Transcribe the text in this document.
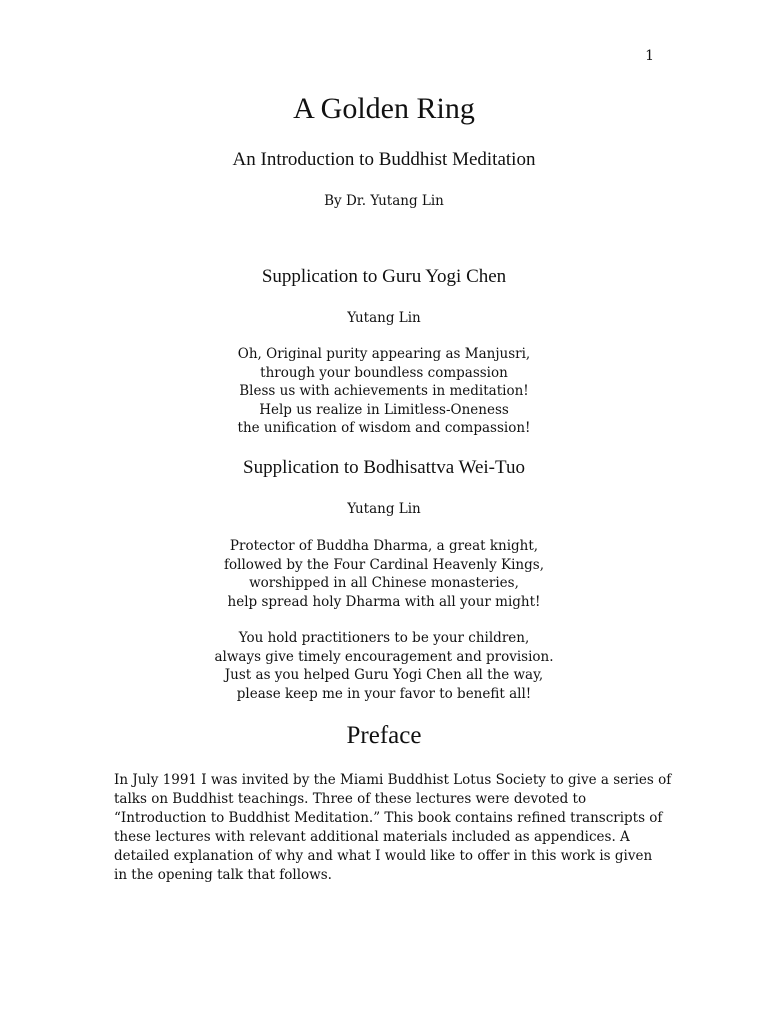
1
A Golden Ring
An Introduction to Buddhist Meditation
By Dr. Yutang Lin
Supplication to Guru Yogi Chen
Yutang Lin
Oh, Original purity appearing as Manjusri,
through your boundless compassion
Bless us with achievements in meditation!
Help us realize in Limitless-Oneness
the unification of wisdom and compassion!
Supplication to Bodhisattva Wei-Tuo
Yutang Lin
Protector of Buddha Dharma, a great knight,
followed by the Four Cardinal Heavenly Kings,
worshipped in all Chinese monasteries,
help spread holy Dharma with all your might!
You hold practitioners to be your children,
always give timely encouragement and provision.
Just as you helped Guru Yogi Chen all the way,
please keep me in your favor to benefit all!
Preface
In July 1991 I was invited by the Miami Buddhist Lotus Society to give a series of
talks on Buddhist teachings. Three of these lectures were devoted to
“Introduction to Buddhist Meditation.” This book contains refined transcripts of
these lectures with relevant additional materials included as appendices. A
detailed explanation of why and what I would like to offer in this work is given
in the opening talk that follows.
